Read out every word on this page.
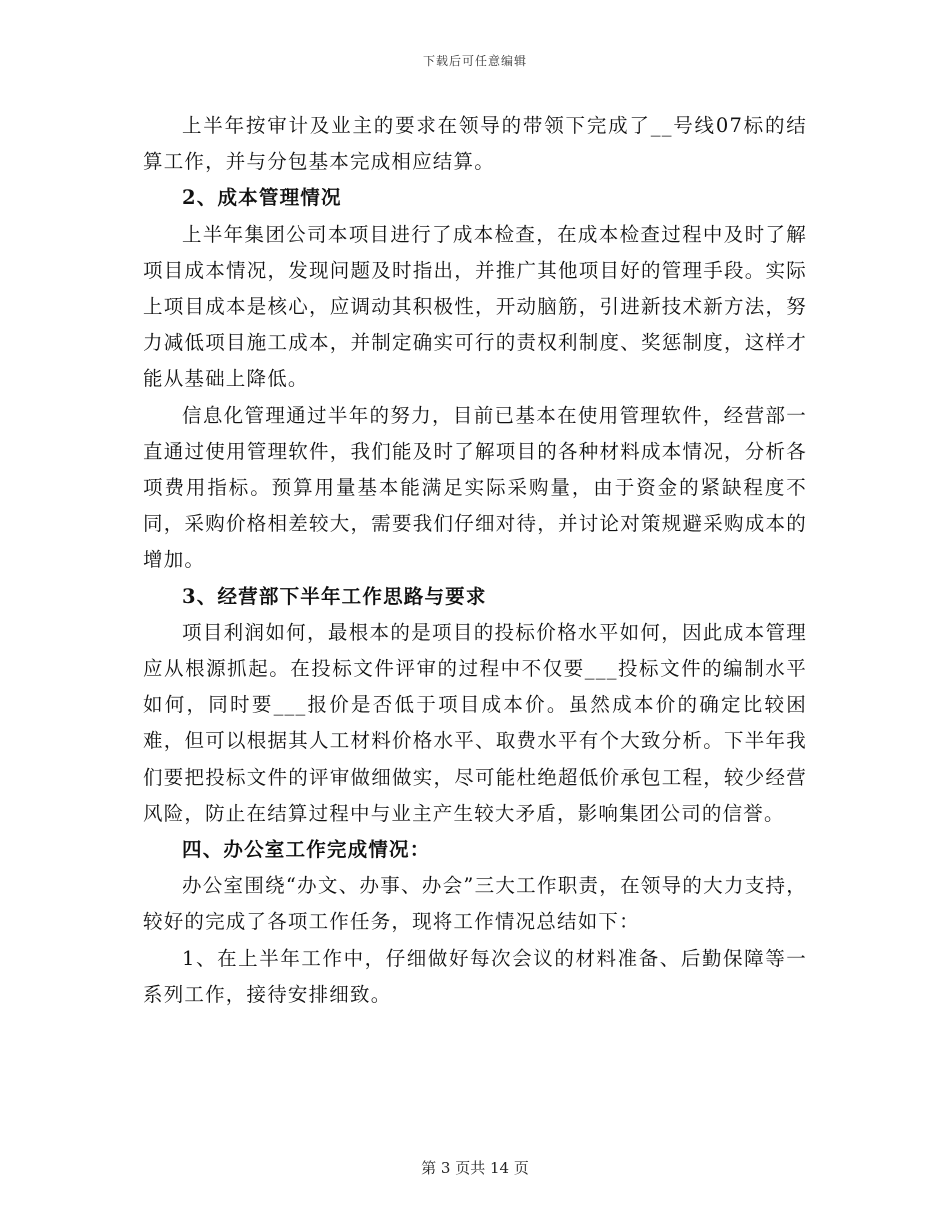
下载后可任意编辑

上半年按审计及业主的要求在领导的带领下完成了__号线07标的结算工作，并与分包基本完成相应结算。

2、成本管理情况

上半年集团公司本项目进行了成本检查，在成本检查过程中及时了解项目成本情况，发现问题及时指出，并推广其他项目好的管理手段。实际上项目成本是核心，应调动其积极性，开动脑筋，引进新技术新方法，努力减低项目施工成本，并制定确实可行的责权利制度、奖惩制度，这样才能从基础上降低。

信息化管理通过半年的努力，目前已基本在使用管理软件，经营部一直通过使用管理软件，我们能及时了解项目的各种材料成本情况，分析各项费用指标。预算用量基本能满足实际采购量，由于资金的紧缺程度不同，采购价格相差较大，需要我们仔细对待，并讨论对策规避采购成本的增加。

3、经营部下半年工作思路与要求

项目利润如何，最根本的是项目的投标价格水平如何，因此成本管理应从根源抓起。在投标文件评审的过程中不仅要___投标文件的编制水平如何，同时要___报价是否低于项目成本价。虽然成本价的确定比较困难，但可以根据其人工材料价格水平、取费水平有个大致分析。下半年我们要把投标文件的评审做细做实，尽可能杜绝超低价承包工程，较少经营风险，防止在结算过程中与业主产生较大矛盾，影响集团公司的信誉。

四、办公室工作完成情况：

办公室围绕“办文、办事、办会”三大工作职责，在领导的大力支持，较好的完成了各项工作任务，现将工作情况总结如下：

1、在上半年工作中，仔细做好每次会议的材料准备、后勤保障等一系列工作，接待安排细致。

第 3 页共 14 页
